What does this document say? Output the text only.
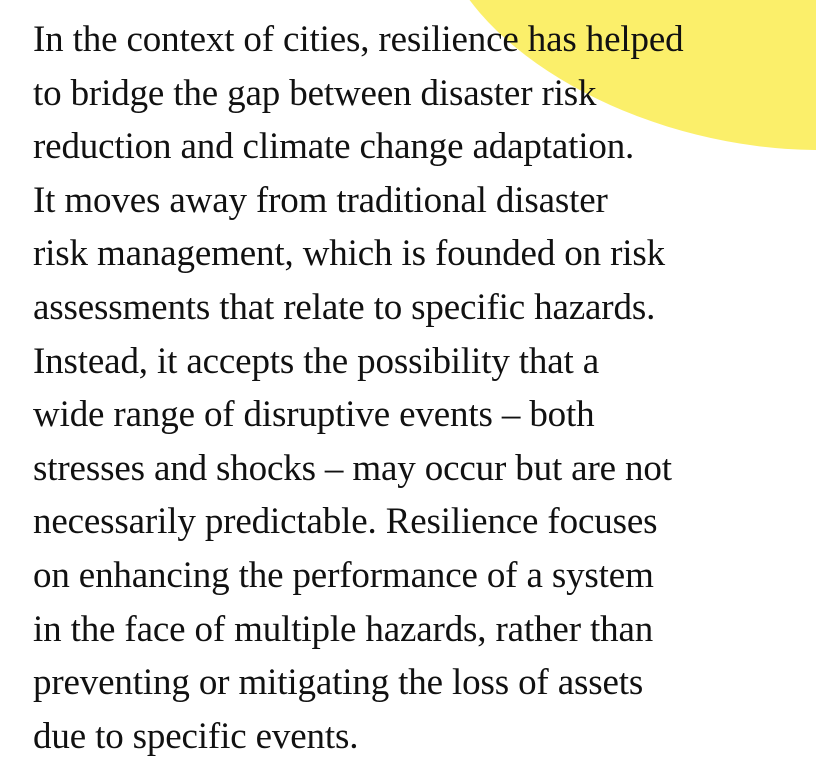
In the context of cities, resilience has helped
to bridge the gap between disaster risk
reduction and climate change adaptation.
It moves away from traditional disaster
risk management, which is founded on risk
assessments that relate to specific hazards.
Instead, it accepts the possibility that a
wide range of disruptive events – both
stresses and shocks – may occur but are not
necessarily predictable. Resilience focuses
on enhancing the performance of a system
in the face of multiple hazards, rather than
preventing or mitigating the loss of assets
due to specific events.
